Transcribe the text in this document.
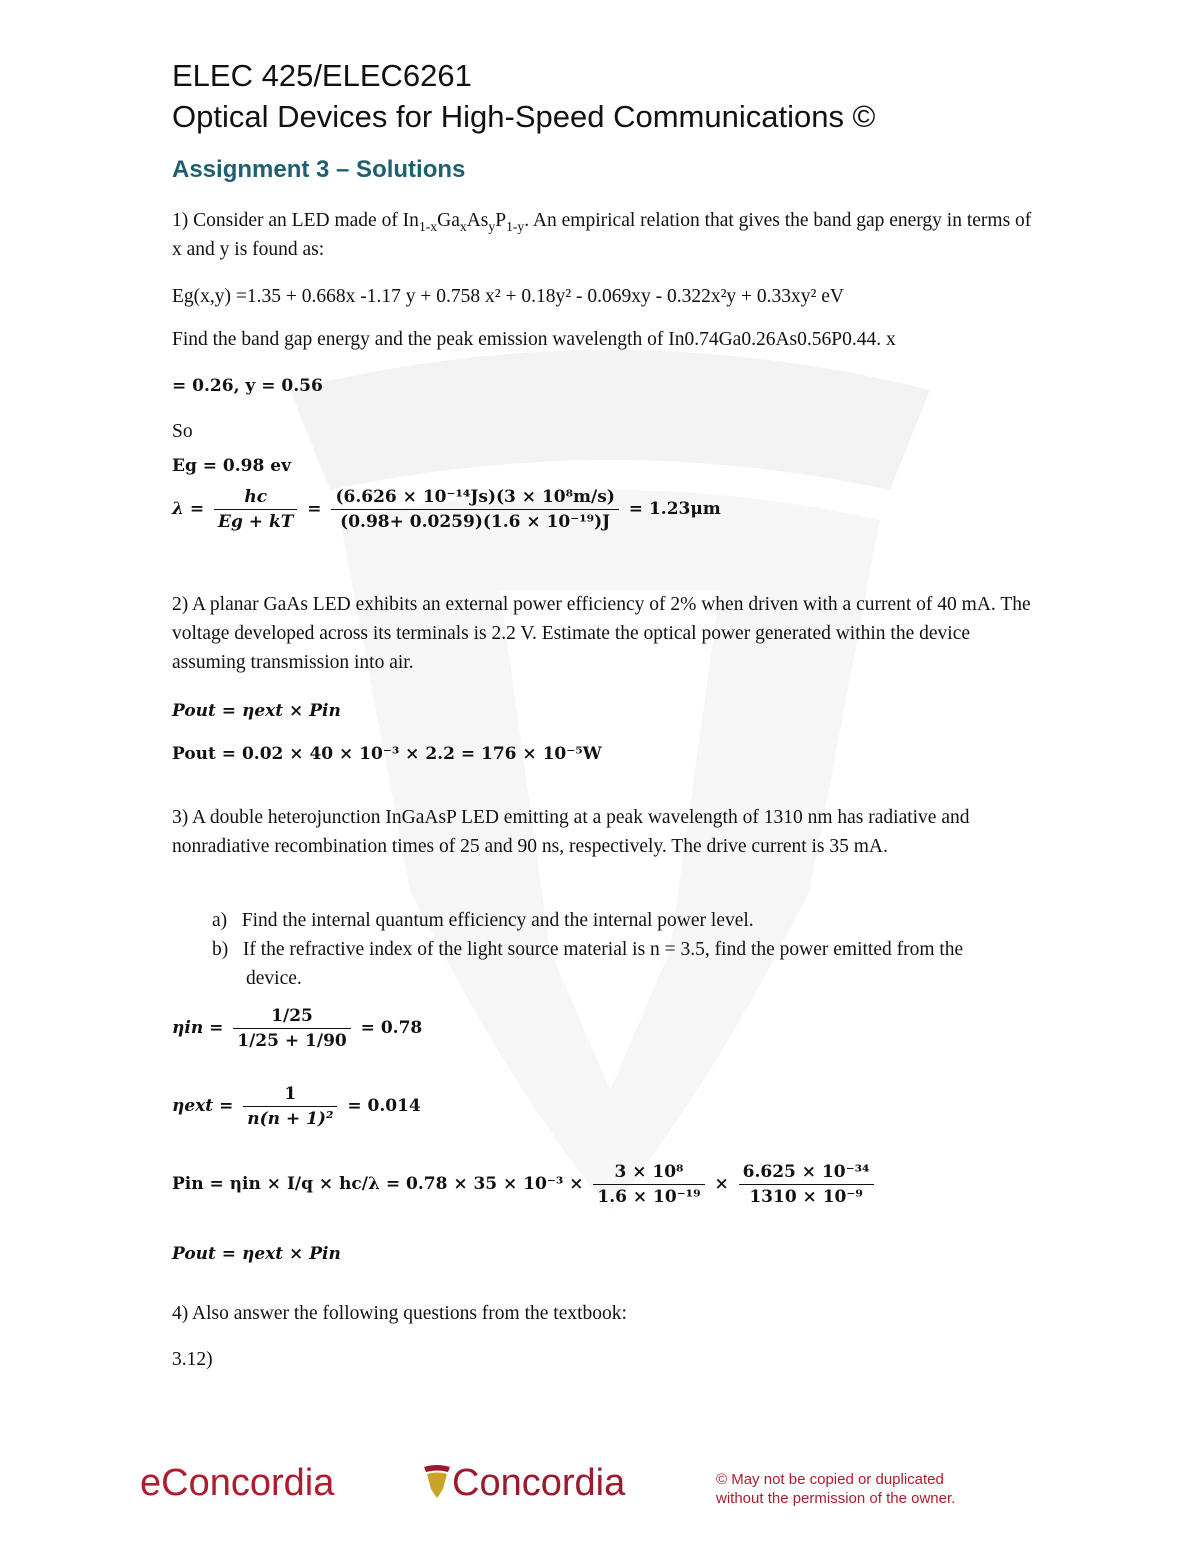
ELEC 425/ELEC6261
Optical Devices for High-Speed Communications ©
Assignment 3 – Solutions
1) Consider an LED made of $In_{1-x}Ga_xAs_yP_{1-y}$. An empirical relation that gives the band gap energy in terms of x and y is found as:
Eg(x,y) =1.35 + 0.668x -1.17 y + 0.758 x² + 0.18y² - 0.069xy - 0.322x²y + 0.33xy² eV
Find the band gap energy and the peak emission wavelength of In0.74Ga0.26As0.56P0.44. x
= 0.26, y = 0.56
So
Eg = 0.98 ev
$\lambda = \frac{hc}{Eg + kT} = \frac{\text{(6.626 × 10⁻¹⁴Js)(3 × 10⁸m/s)}}{\text{(0.98+ 0.0259)(1.6 × 10⁻¹⁹)J}} = 1.23\mu m$
2) A planar GaAs LED exhibits an external power efficiency of 2% when driven with a current of 40 mA. The voltage developed across its terminals is 2.2 V. Estimate the optical power generated within the device assuming transmission into air.
Pout = ηext × Pin
Pout = 0.02 × 40 × 10⁻³ × 2.2 = 176 × 10⁻⁵W
3) A double heterojunction InGaAsP LED emitting at a peak wavelength of 1310 nm has radiative and nonradiative recombination times of 25 and 90 ns, respectively. The drive current is 35 mA.
a) Find the internal quantum efficiency and the internal power level.
b) If the refractive index of the light source material is n = 3.5, find the power emitted from the device.
$\eta in = \frac{1/25}{1/25 + 1/90} = 0.78$
$\eta ext = \frac{1}{\text{n(n + 1)²}} = 0.014$
Pin = $\eta in \times I/q \times hc/\lambda = 0.78 \times 35 \times 10^{-3} \times \frac{\text{3 × 10⁸}}{\text{1.6 × 10⁻¹⁹}} \times \frac{\text{6.625 × 10⁻³⁴}}{\text{1310 × 10⁻⁹}}$
Pout = ηext × Pin
4) Also answer the following questions from the textbook:
3.12)
eConcordia	Concordia	© May not be copied or duplicated
without the permission of the owner.
